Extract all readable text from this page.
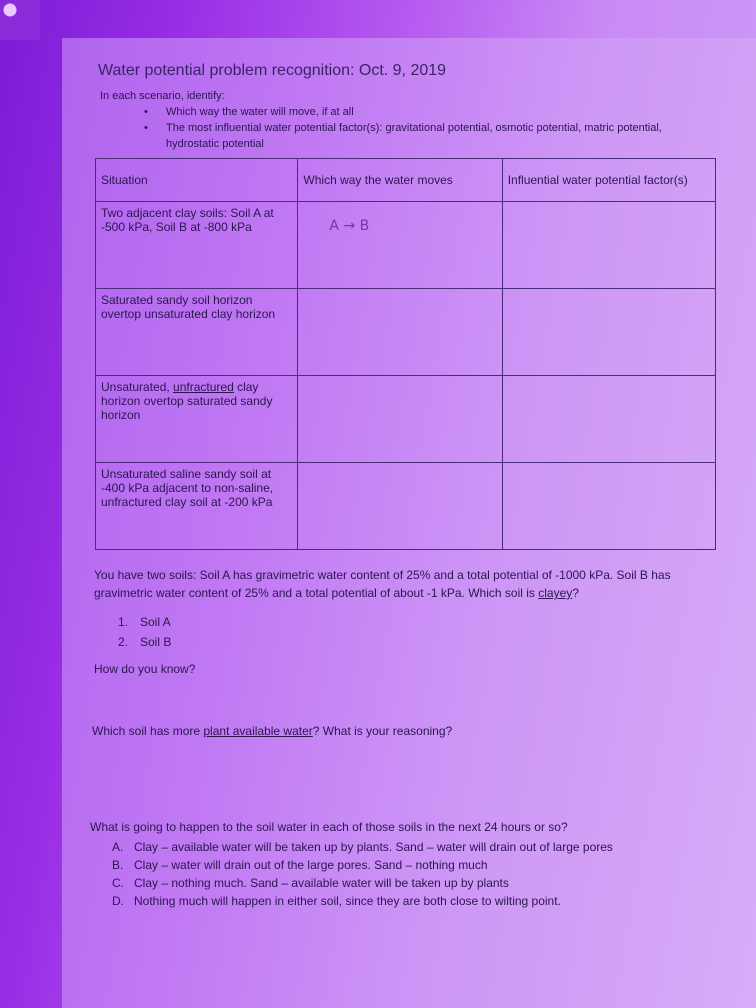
Water potential problem recognition: Oct. 9, 2019
In each scenario, identify:
• Which way the water will move, if at all
• The most influential water potential factor(s): gravitational potential, osmotic potential, matric potential, hydrostatic potential
Situation	Which way the water moves	Influential water potential factor(s)
Two adjacent clay soils: Soil A at -500 kPa, Soil B at -800 kPa	A → B	

Saturated sandy soil horizon overtop unsaturated clay horizon		
Unsaturated, unfractured clay horizon overtop saturated sandy horizon		
Unsaturated saline sandy soil at -400 kPa adjacent to non-saline, unfractured clay soil at -200 kPa		
You have two soils: Soil A has gravimetric water content of 25% and a total potential of -1000 kPa. Soil B has gravimetric water content of 25% and a total potential of about -1 kPa. Which soil is clayey?
1. Soil A
2. Soil B
How do you know?
Which soil has more plant available water? What is your reasoning?
What is going to happen to the soil water in each of those soils in the next 24 hours or so?
A. Clay – available water will be taken up by plants. Sand – water will drain out of large pores
B. Clay – water will drain out of the large pores. Sand – nothing much
C. Clay – nothing much. Sand – available water will be taken up by plants
D. Nothing much will happen in either soil, since they are both close to wilting point.
